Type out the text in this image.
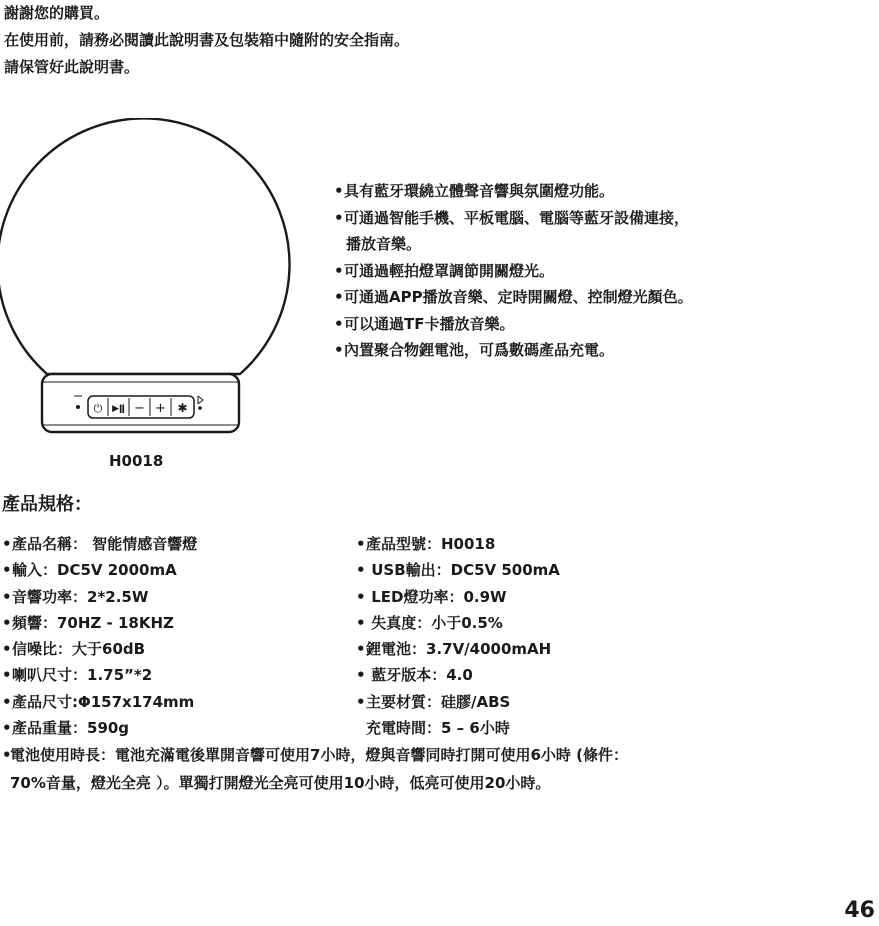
謝謝您的購買。
在使用前，請務必閱讀此說明書及包裝箱中隨附的安全指南。
請保管好此說明書。
⏻ ▶ǁ − + ✱
•具有藍牙環繞立體聲音響與氛圍燈功能。
•可通過智能手機、平板電腦、電腦等藍牙設備連接，
播放音樂。
•可通過輕拍燈罩調節開關燈光。
•可通過APP播放音樂、定時開關燈、控制燈光顏色。
•可以通過TF卡播放音樂。
•內置聚合物鋰電池，可爲數碼產品充電。
H0018
產品規格：
•產品名稱： 智能情感音響燈
•輸入：DC5V 2000mA
•音響功率：2*2.5W
•頻響：70HZ - 18KHZ
•信噪比：大于60dB
•喇叭尺寸：1.75”*2
•產品尺寸:Φ157x174mm
•產品重量：590g
•產品型號：H0018
• USB輸出：DC5V 500mA
• LED燈功率：0.9W
• 失真度：小于0.5%
•鋰電池：3.7V/4000mAH
• 藍牙版本：4.0
•主要材質：硅膠/ABS
充電時間：5 – 6小時
•電池使用時長：電池充滿電後單開音響可使用7小時，燈與音響同時打開可使用6小時 (條件：
70%音量，燈光全亮 ）。單獨打開燈光全亮可使用10小時，低亮可使用20小時。
46
